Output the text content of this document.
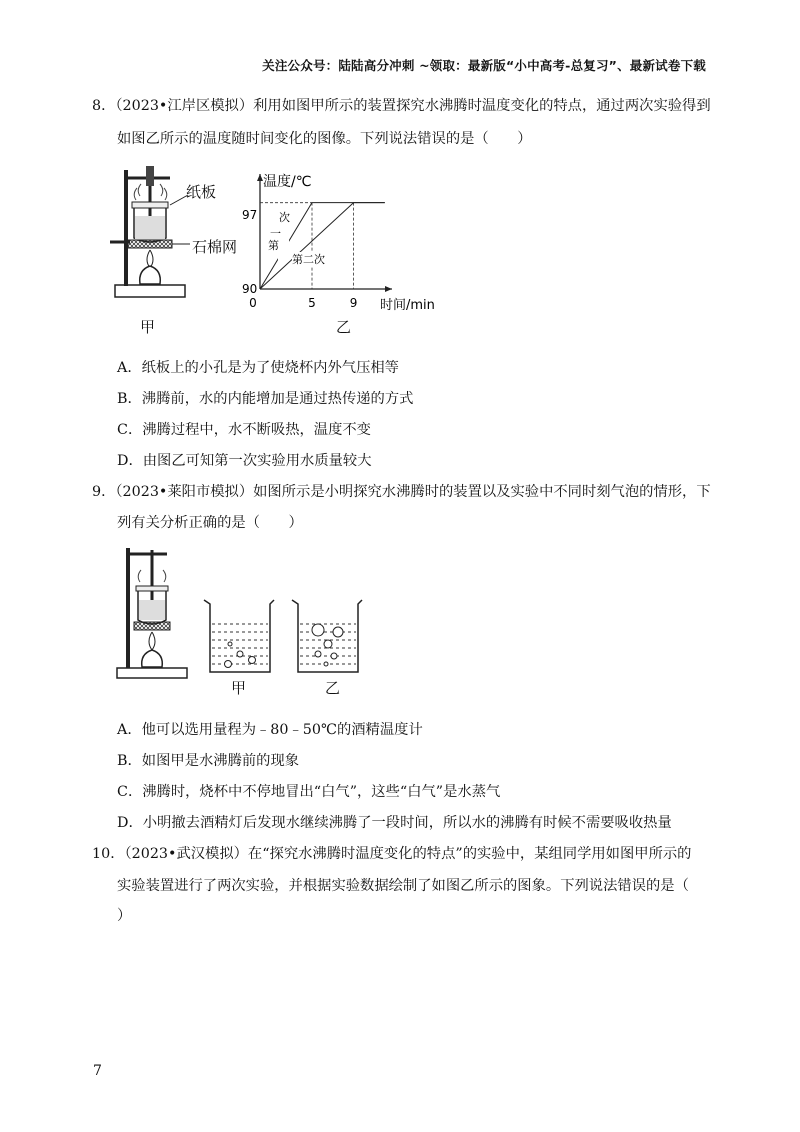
关注公众号：陆陆高分冲刺 ~领取：最新版“小中高考-总复习”、最新试卷下载
8．（2023•江岸区模拟）利用如图甲所示的装置探究水沸腾时温度变化的特点，通过两次实验得到
如图乙所示的温度随时间变化的图像。下列说法错误的是（　　）
纸板
石棉网
甲
温度/℃
时间/min
0	5	9
90
97 次
第
一
第二次
乙
A．纸板上的小孔是为了使烧杯内外气压相等
B．沸腾前，水的内能增加是通过热传递的方式
C．沸腾过程中，水不断吸热，温度不变
D．由图乙可知第一次实验用水质量较大
9．（2023•莱阳市模拟）如图所示是小明探究水沸腾时的装置以及实验中不同时刻气泡的情形，下
列有关分析正确的是（　　）
甲	乙
A．他可以选用量程为﹣80﹣50℃的酒精温度计
B．如图甲是水沸腾前的现象
C．沸腾时，烧杯中不停地冒出“白气”，这些“白气”是水蒸气
D．小明撤去酒精灯后发现水继续沸腾了一段时间，所以水的沸腾有时候不需要吸收热量
10．（2023•武汉模拟）在“探究水沸腾时温度变化的特点”的实验中，某组同学用如图甲所示的
实验装置进行了两次实验，并根据实验数据绘制了如图乙所示的图象。下列说法错误的是（
）
7
